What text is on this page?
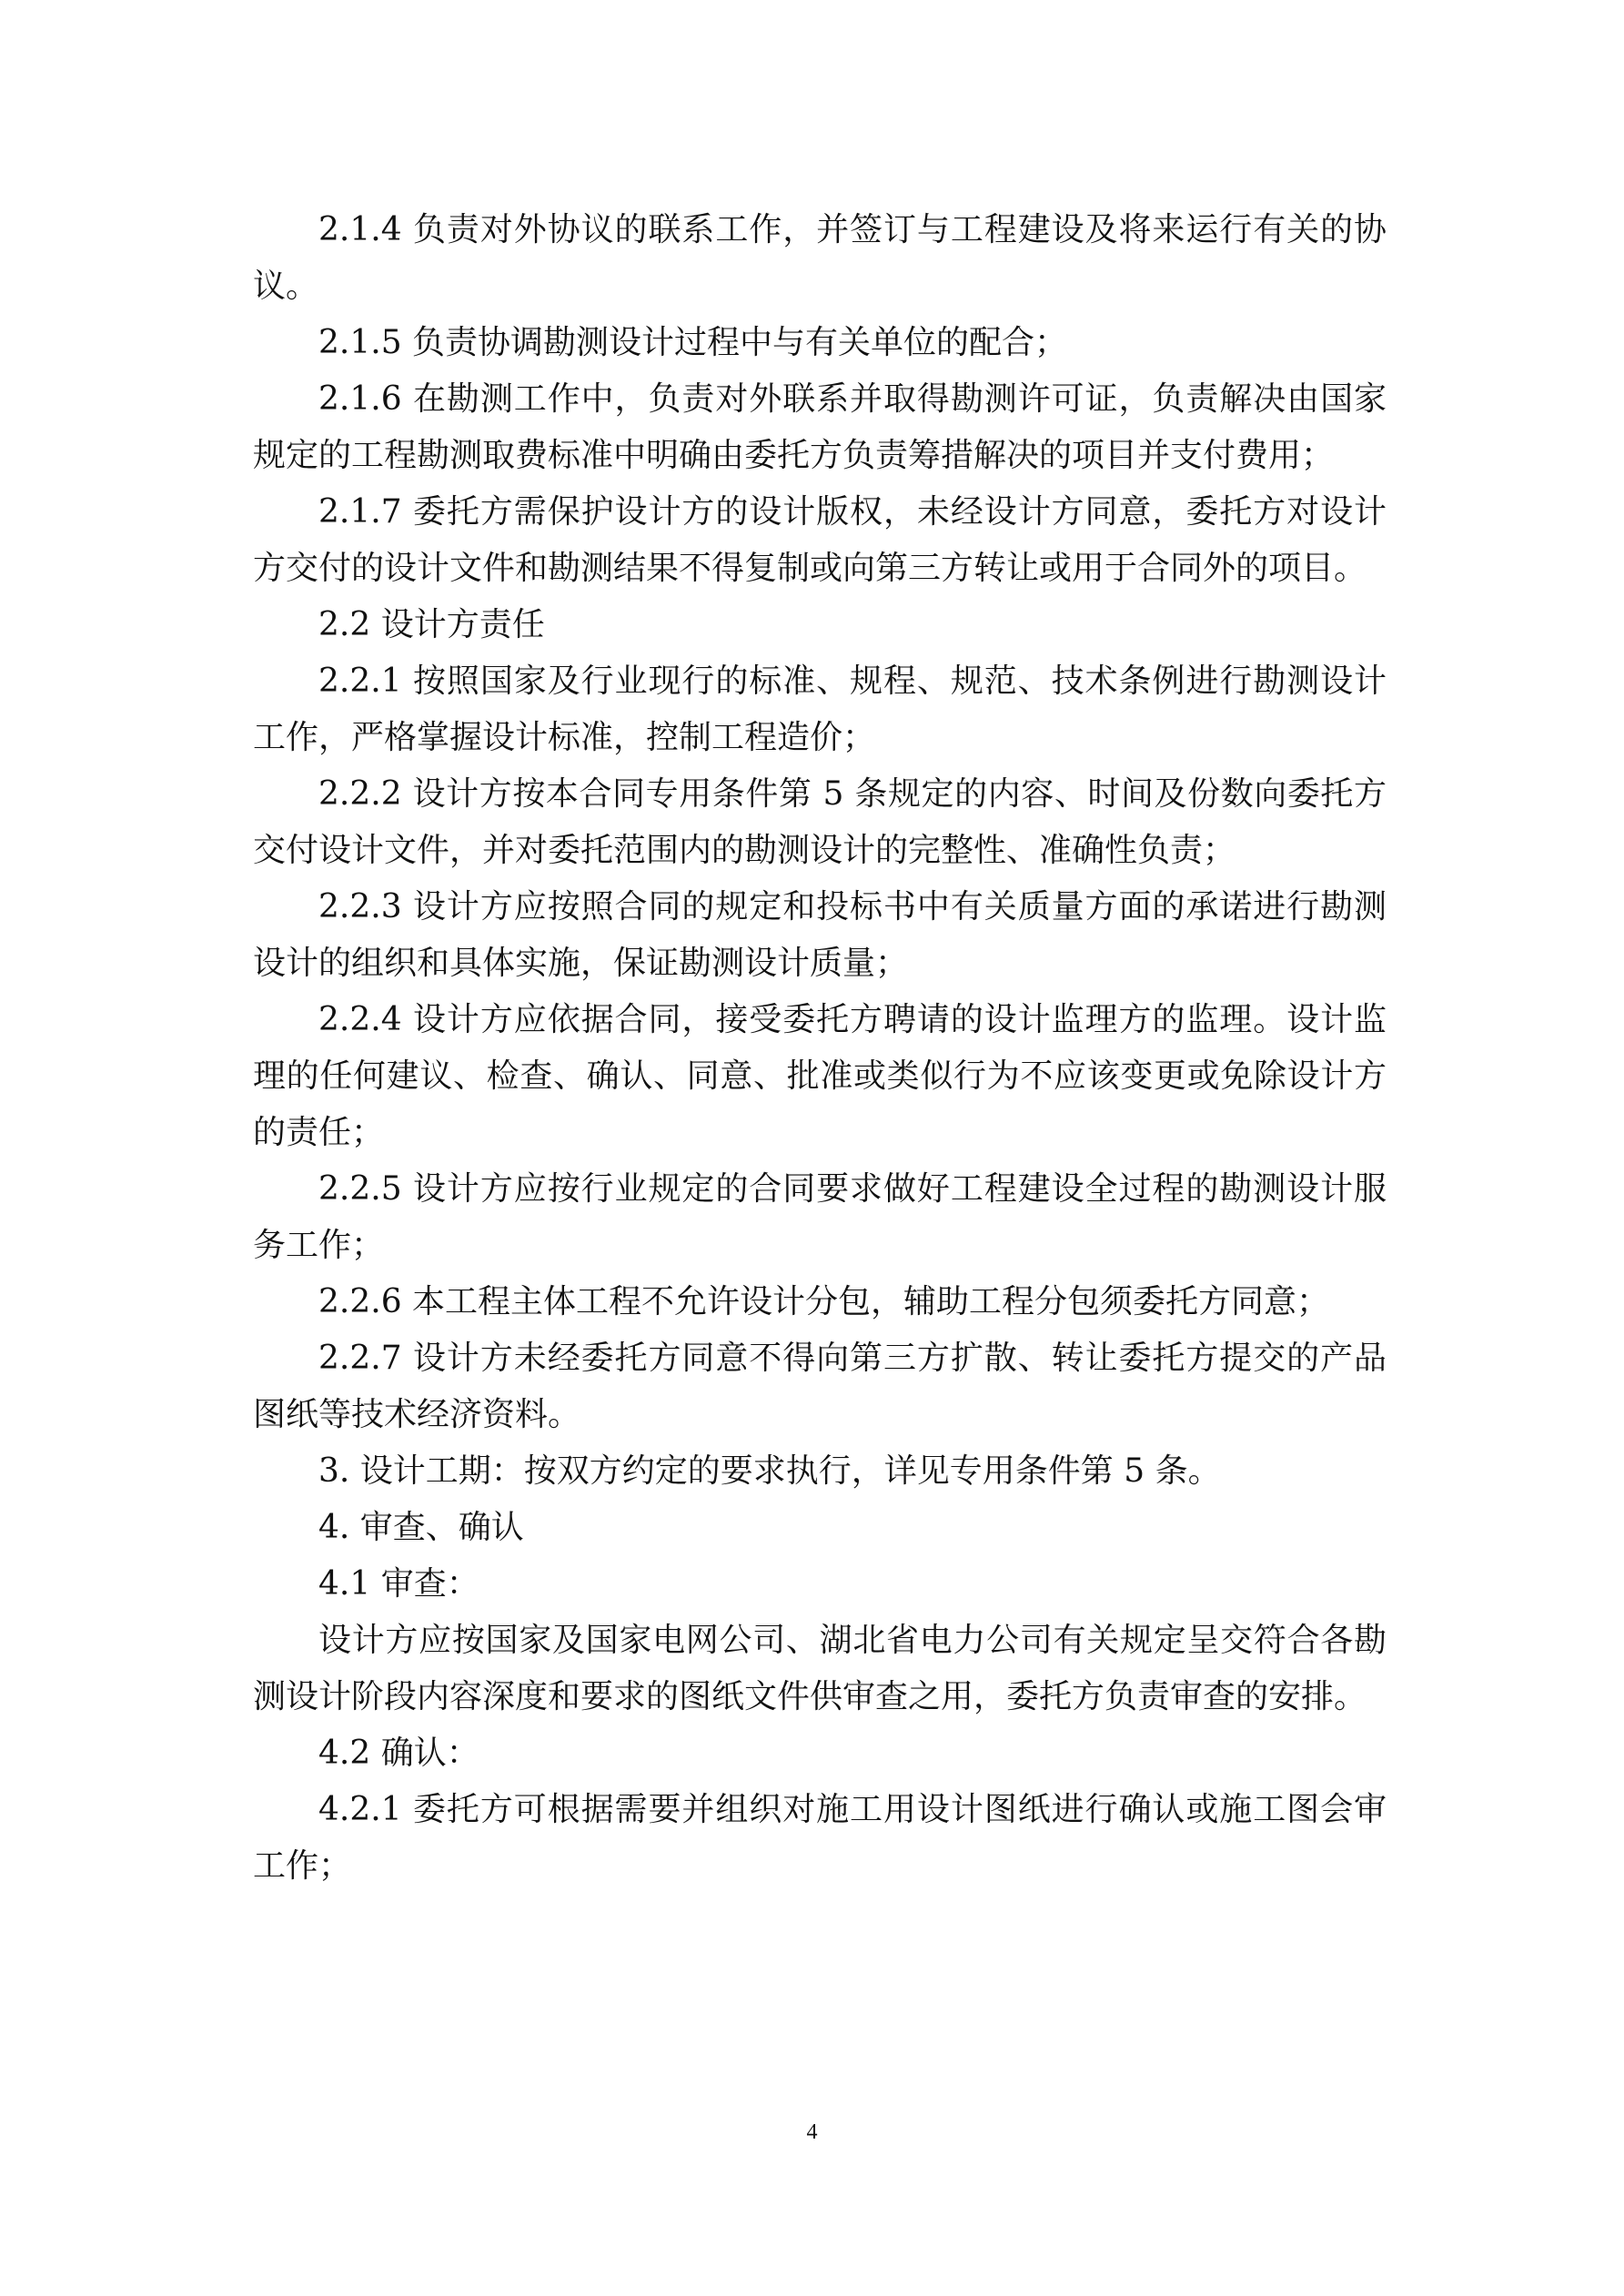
2.1.4 负责对外协议的联系工作，并签订与工程建设及将来运行有关的协议。

2.1.5 负责协调勘测设计过程中与有关单位的配合；

2.1.6 在勘测工作中，负责对外联系并取得勘测许可证，负责解决由国家规定的工程勘测取费标准中明确由委托方负责筹措解决的项目并支付费用；

2.1.7 委托方需保护设计方的设计版权，未经设计方同意，委托方对设计方交付的设计文件和勘测结果不得复制或向第三方转让或用于合同外的项目。

2.2 设计方责任

2.2.1 按照国家及行业现行的标准、规程、规范、技术条例进行勘测设计工作，严格掌握设计标准，控制工程造价；

2.2.2 设计方按本合同专用条件第 5 条规定的内容、时间及份数向委托方交付设计文件，并对委托范围内的勘测设计的完整性、准确性负责；

2.2.3 设计方应按照合同的规定和投标书中有关质量方面的承诺进行勘测设计的组织和具体实施，保证勘测设计质量；

2.2.4 设计方应依据合同，接受委托方聘请的设计监理方的监理。设计监理的任何建议、检查、确认、同意、批准或类似行为不应该变更或免除设计方的责任；

2.2.5 设计方应按行业规定的合同要求做好工程建设全过程的勘测设计服务工作；

2.2.6 本工程主体工程不允许设计分包，辅助工程分包须委托方同意；

2.2.7 设计方未经委托方同意不得向第三方扩散、转让委托方提交的产品图纸等技术经济资料。

3. 设计工期：按双方约定的要求执行，详见专用条件第 5 条。

4. 审查、确认

4.1 审查：

设计方应按国家及国家电网公司、湖北省电力公司有关规定呈交符合各勘测设计阶段内容深度和要求的图纸文件供审查之用，委托方负责审查的安排。

4.2 确认：

4.2.1 委托方可根据需要并组织对施工用设计图纸进行确认或施工图会审工作；

4
